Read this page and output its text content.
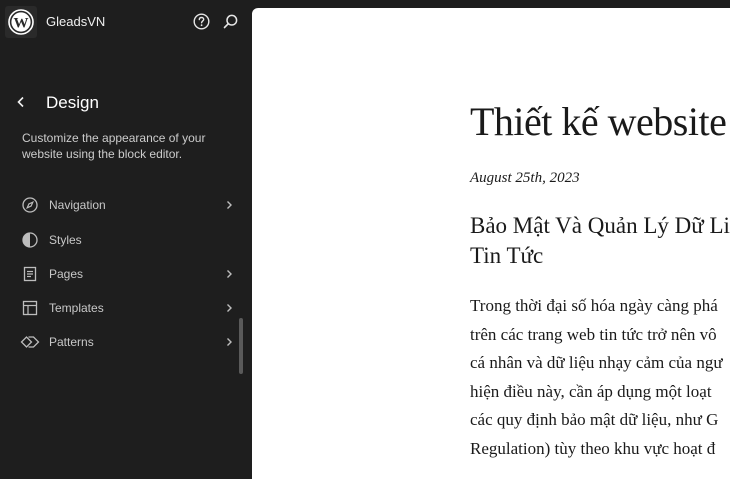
W GleadsVN
Design
Customize the appearance of your website using the block editor.
Navigation
Styles
Pages
Templates
Patterns
Thiết kế website
August 25th, 2023
Bảo Mật Và Quản Lý Dữ Li
Tin Tức
Trong thời đại số hóa ngày càng phá
trên các trang web tin tức trở nên vô
cá nhân và dữ liệu nhạy cảm của ngư
hiện điều này, cần áp dụng một loạt
các quy định bảo mật dữ liệu, như G
Regulation) tùy theo khu vực hoạt đ
